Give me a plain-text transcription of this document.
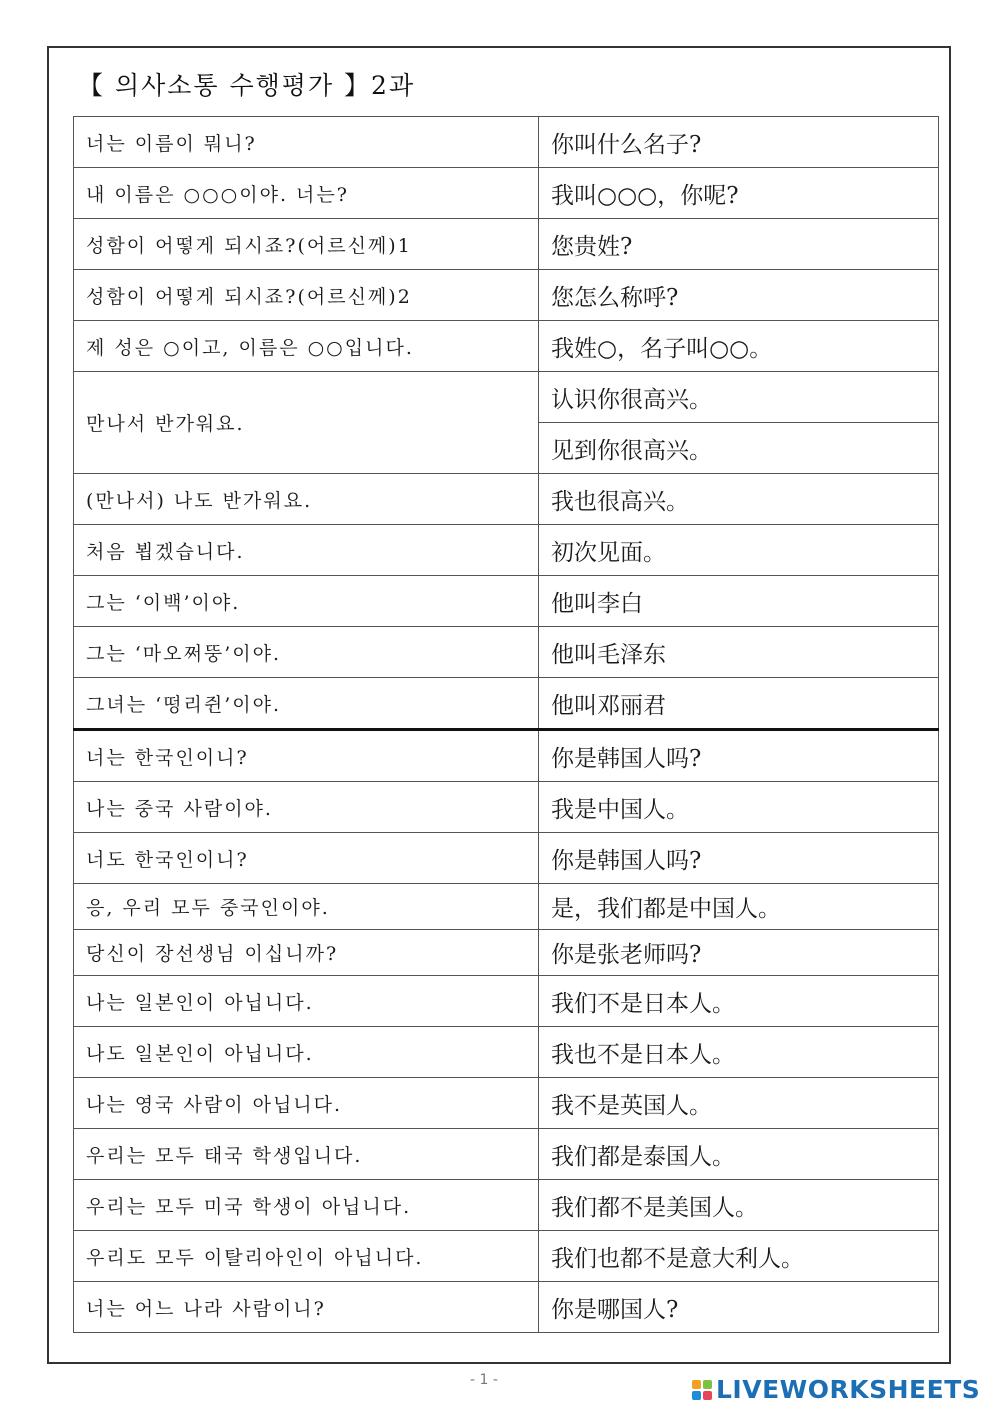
【 의사소통 수행평가 】2과
너는 이름이 뭐니?	你叫什么名子?
내 이름은 ○○○이야. 너는?	我叫○○○，你呢?
성함이 어떻게 되시죠?(어르신께)1	您贵姓?
성함이 어떻게 되시죠?(어르신께)2	您怎么称呼?
제 성은 ○이고, 이름은 ○○입니다.	我姓○，名子叫○○。
만나서 반가워요.	认识你很高兴。
	见到你很高兴。
(만나서) 나도 반가워요.	我也很高兴。
처음 뵙겠습니다.	初次见面。
그는 ‘이백’이야.	他叫李白
그는 ‘마오쩌뚱’이야.	他叫毛泽东
그녀는 ‘떵리쥔’이야.	他叫邓丽君
너는 한국인이니?	你是韩国人吗?
나는 중국 사람이야.	我是中国人。
너도 한국인이니?	你是韩国人吗?
응, 우리 모두 중국인이야.	是，我们都是中国人。
당신이 장선생님 이십니까?	你是张老师吗?
나는 일본인이 아닙니다.	我们不是日本人。
나도 일본인이 아닙니다.	我也不是日本人。
나는 영국 사람이 아닙니다.	我不是英国人。
우리는 모두 태국 학생입니다.	我们都是泰国人。
우리는 모두 미국 학생이 아닙니다.	我们都不是美国人。
우리도 모두 이탈리아인이 아닙니다.	我们也都不是意大利人。
너는 어느 나라 사람이니?	你是哪国人?
- 1 -	LIVEWORKSHEETS
